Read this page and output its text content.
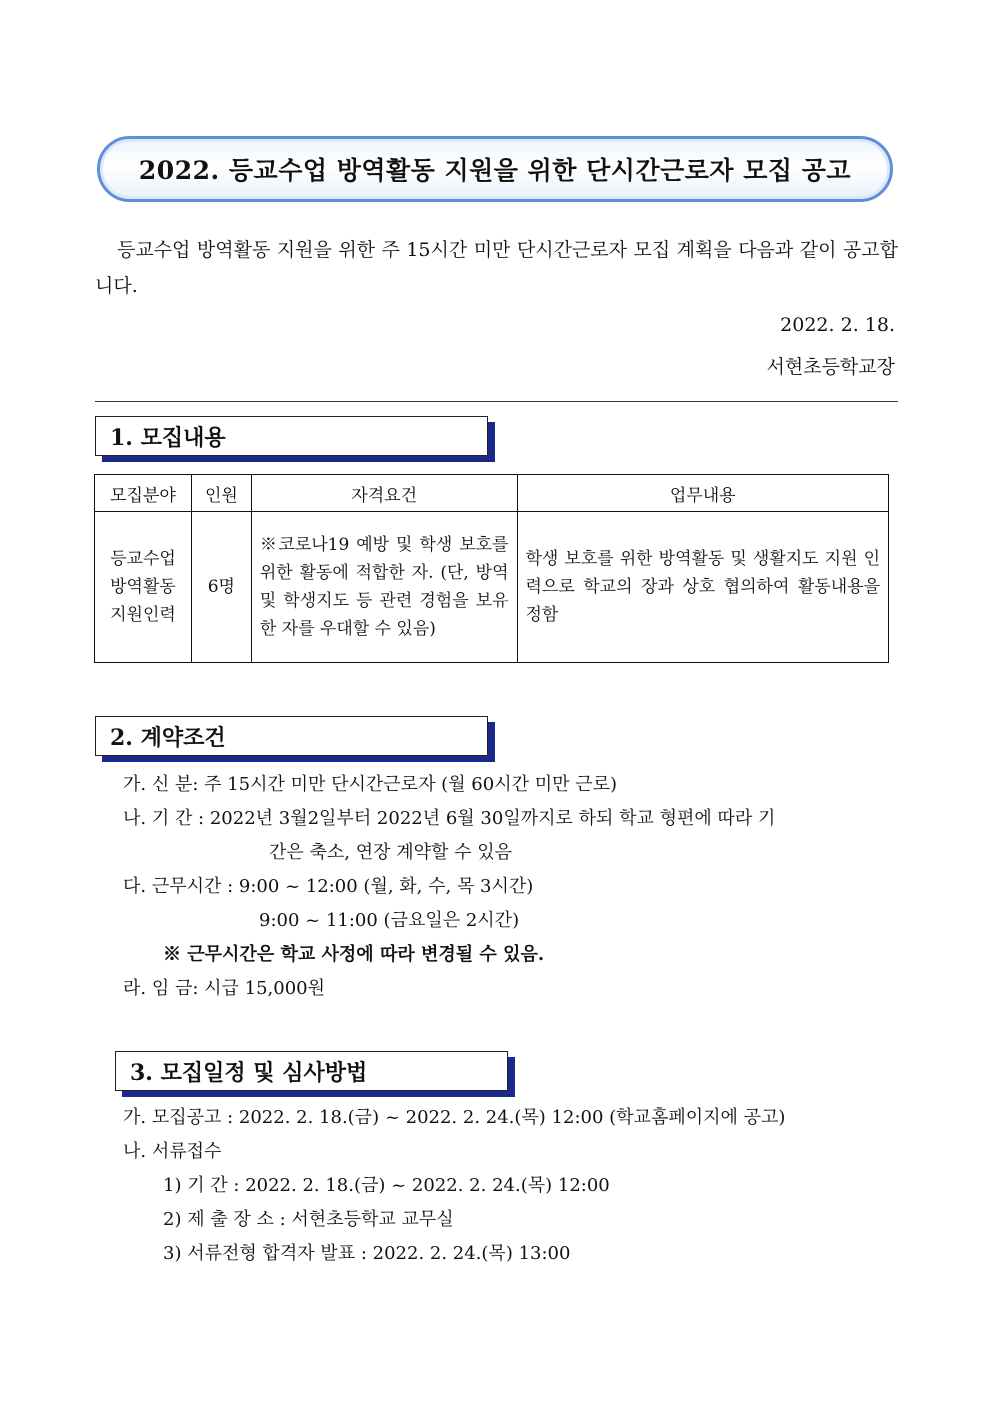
2022. 등교수업 방역활동 지원을 위한 단시간근로자 모집 공고
등교수업 방역활동 지원을 위한 주 15시간 미만 단시간근로자 모집 계획을 다음과 같이 공고합니다.
2022. 2. 18.
서현초등학교장
1. 모집내용
모집분야	인원	자격요건	업무내용

등교수업
방역활동
지원인력	6명	※코로나19 예방 및 학생 보호를 위한 활동에 적합한 자. (단, 방역 및 학생지도 등 관련 경험을 보유한 자를 우대할 수 있음)	학생 보호를 위한 방역활동 및 생활지도 지원 인력으로 학교의 장과 상호 협의하여 활동내용을 정함
2. 계약조건
가. 신 분: 주 15시간 미만 단시간근로자 (월 60시간 미만 근로)
나. 기 간 : 2022년 3월2일부터 2022년 6월 30일까지로 하되 학교 형편에 따라 기
간은 축소, 연장 계약할 수 있음
다. 근무시간 : 9:00 ~ 12:00 (월, 화, 수, 목 3시간)
9:00 ~ 11:00 (금요일은 2시간)
※ 근무시간은 학교 사정에 따라 변경될 수 있음.
라. 임 금: 시급 15,000원
3. 모집일정 및 심사방법
가. 모집공고 : 2022. 2. 18.(금) ~ 2022. 2. 24.(목) 12:00 (학교홈페이지에 공고)
나. 서류접수
1) 기 간 : 2022. 2. 18.(금) ~ 2022. 2. 24.(목) 12:00
2) 제 출 장 소 : 서현초등학교 교무실
3) 서류전형 합격자 발표 : 2022. 2. 24.(목) 13:00
